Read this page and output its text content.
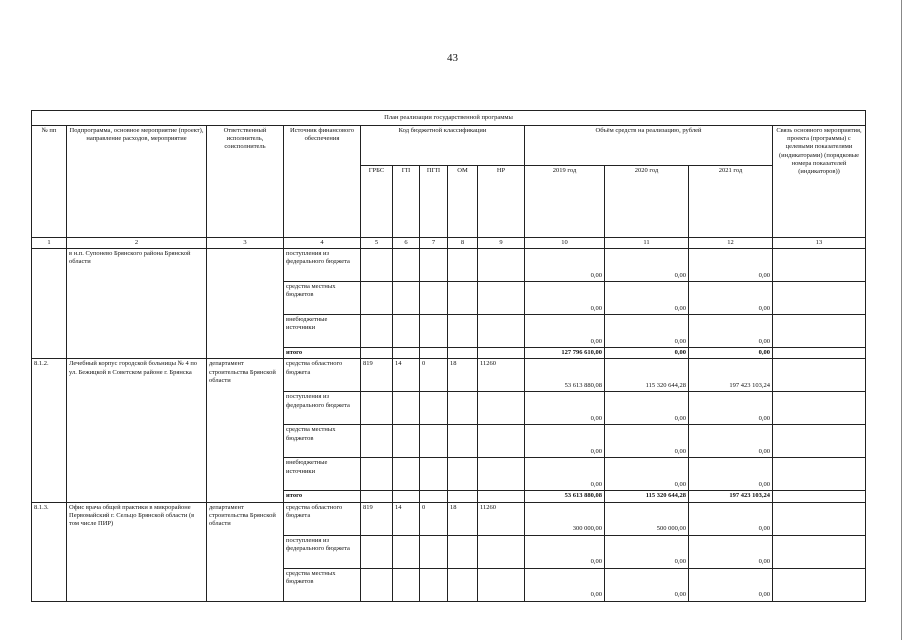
43
План реализации государственной программы												
№ пп	Подпрограмма, основное мероприятие (проект), направление расходов, мероприятие	Ответственный исполнитель, соисполнитель	Источник финансового обеспечения	Код бюджетной классификации					Объём средств на реализацию, рублей			Связь основного мероприятия, проекта (программы) с целевыми показателями (индикаторами) (порядковые номера показателей (индикаторов))
				ГРБС	ГП	ПГП	ОМ	НР	2019 год	2020 год	2021 год	
1	2	3	4	5	6	7	8	9	10	11	12	13
	в н.п. Супонево Брянского района Брянской области		поступления из федерального бюджета						0,00	0,00	0,00	
			средства местных бюджетов						0,00	0,00	0,00	
			внебюджетные источники						0,00	0,00	0,00	
			итого						127 796 610,00	0,00	0,00	
8.1.2.	Лечебный корпус городской больницы № 4 по ул. Бежицкой в Советском районе г. Брянска	департамент строительства Брянской области	средства областного бюджета	819	14	0	18	11260	53 613 880,08	115 320 644,28	197 423 103,24	
			поступления из федерального бюджета						0,00	0,00	0,00	
			средства местных бюджетов						0,00	0,00	0,00	
			внебюджетные источники						0,00	0,00	0,00	
			итого						53 613 880,08	115 320 644,28	197 423 103,24	
8.1.3.	Офис врача общей практики в микрорайоне Первомайский г. Сельцо Брянской области (в том числе ПИР)	департамент строительства Брянской области	средства областного бюджета	819	14	0	18	11260	300 000,00	500 000,00	0,00	
			поступления из федерального бюджета						0,00	0,00	0,00	
			средства местных бюджетов						0,00	0,00	0,00	
